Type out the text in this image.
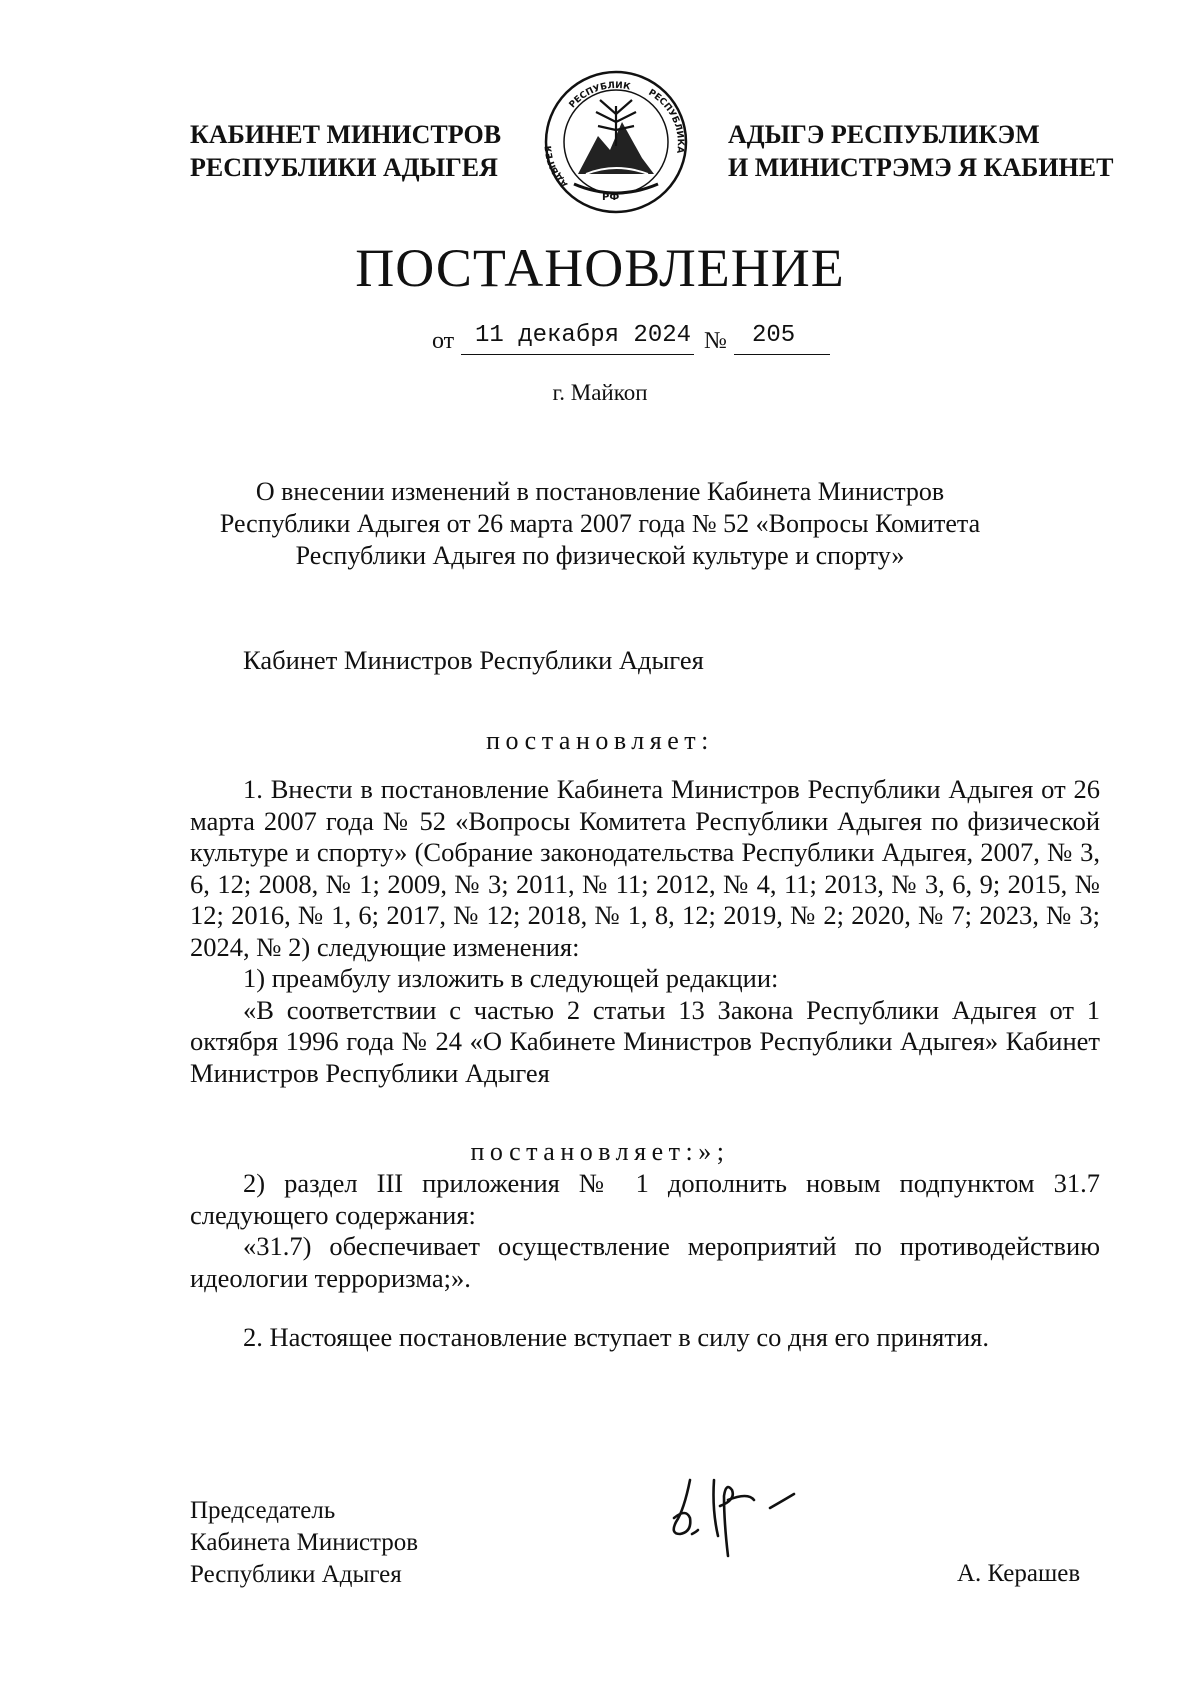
КАБИНЕТ МИНИСТРОВ
РЕСПУБЛИКИ АДЫГЕЯ
АДЫГЕЯ
РЕСПУБЛИК
РЕСПУБЛИКА
РФ
АДЫГЭ РЕСПУБЛИКЭМ
И МИНИСТРЭМЭ Я КАБИНЕТ
ПОСТАНОВЛЕНИЕ
от 11 декабря 2024 № 205
г. Майкоп
О внесении изменений в постановление Кабинета Министров
Республики Адыгея от 26 марта 2007 года № 52 «Вопросы Комитета
Республики Адыгея по физической культуре и спорту»
Кабинет Министров Республики Адыгея
постановляет:
1. Внести в постановление Кабинета Министров Республики Адыгея от 26 марта 2007 года № 52 «Вопросы Комитета Республики Адыгея по физической культуре и спорту» (Собрание законодательства Республики Адыгея, 2007, № 3, 6, 12; 2008, № 1; 2009, № 3; 2011, № 11; 2012, № 4, 11; 2013, № 3, 6, 9; 2015, № 12; 2016, № 1, 6; 2017, № 12; 2018, № 1, 8, 12; 2019, № 2; 2020, № 7; 2023, № 3; 2024, № 2) следующие изменения:
1) преамбулу изложить в следующей редакции:
«В соответствии с частью 2 статьи 13 Закона Республики Адыгея от 1 октября 1996 года № 24 «О Кабинете Министров Республики Адыгея» Кабинет Министров Республики Адыгея
постановляет:»;
2) раздел III приложения № 1 дополнить новым подпунктом 31.7 следующего содержания:
«31.7) обеспечивает осуществление мероприятий по противодействию идеологии терроризма;».
2. Настоящее постановление вступает в силу со дня его принятия.
Председатель
Кабинета Министров
Республики Адыгея	А. Керашев
